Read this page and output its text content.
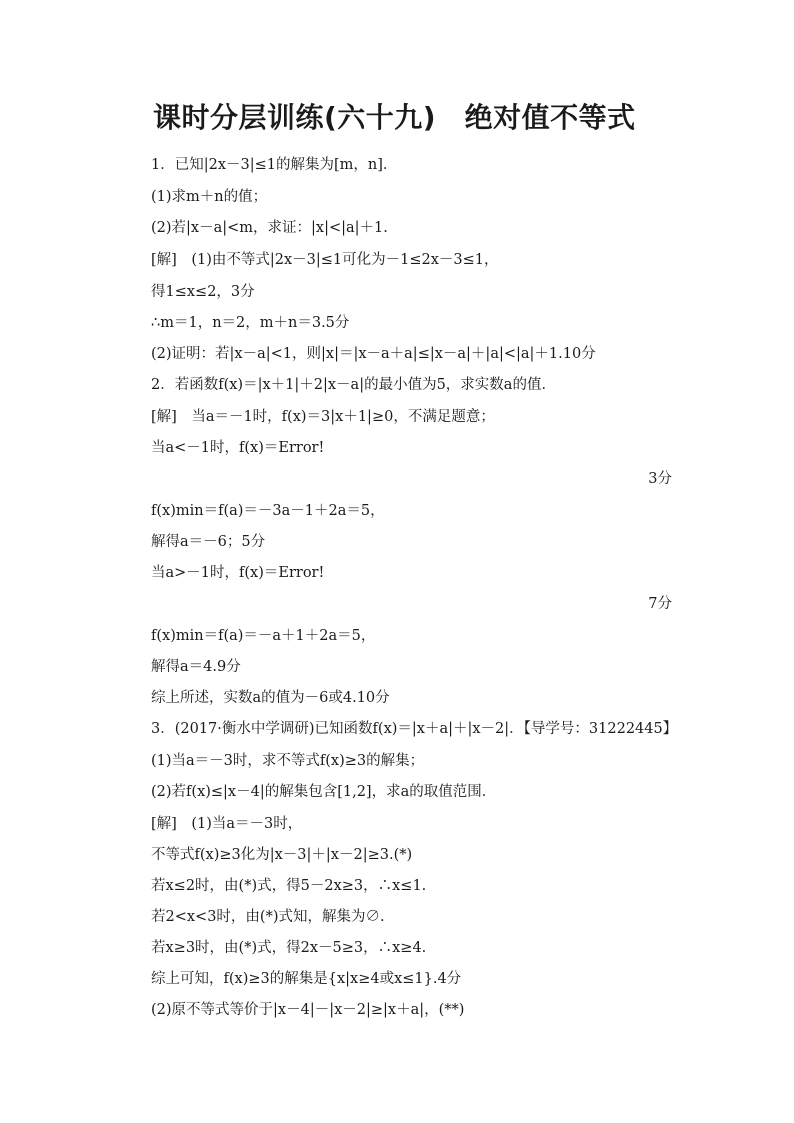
课时分层训练(六十九)　绝对值不等式
1．已知|2x－3|≤1的解集为[m，n]．
(1)求m＋n的值；
(2)若|x－a|<m，求证：|x|<|a|＋1.
[解]　(1)由不等式|2x－3|≤1可化为－1≤2x－3≤1，
得1≤x≤2，3分
∴m＝1，n＝2，m＋n＝3.5分
(2)证明：若|x－a|<1，则|x|＝|x－a＋a|≤|x－a|＋|a|<|a|＋1.10分
2．若函数f(x)＝|x＋1|＋2|x－a|的最小值为5，求实数a的值．
[解]　当a＝－1时，f(x)＝3|x＋1|≥0，不满足题意；
当a<－1时，f(x)＝Error!
3分
f(x)min＝f(a)＝－3a－1＋2a＝5，
解得a＝－6；5分
当a>－1时，f(x)＝Error!
7分
f(x)min＝f(a)＝－a＋1＋2a＝5，
解得a＝4.9分
综上所述，实数a的值为－6或4.10分
3．(2017·衡水中学调研)已知函数f(x)＝|x＋a|＋|x－2|．【导学号：31222445】
(1)当a＝－3时，求不等式f(x)≥3的解集；
(2)若f(x)≤|x－4|的解集包含[1,2]，求a的取值范围．
[解]　(1)当a＝－3时，
不等式f(x)≥3化为|x－3|＋|x－2|≥3.(*)
若x≤2时，由(*)式，得5－2x≥3，∴x≤1.
若2<x<3时，由(*)式知，解集为∅.
若x≥3时，由(*)式，得2x－5≥3，∴x≥4.
综上可知，f(x)≥3的解集是{x|x≥4或x≤1}.4分
(2)原不等式等价于|x－4|－|x－2|≥|x＋a|，(**)
